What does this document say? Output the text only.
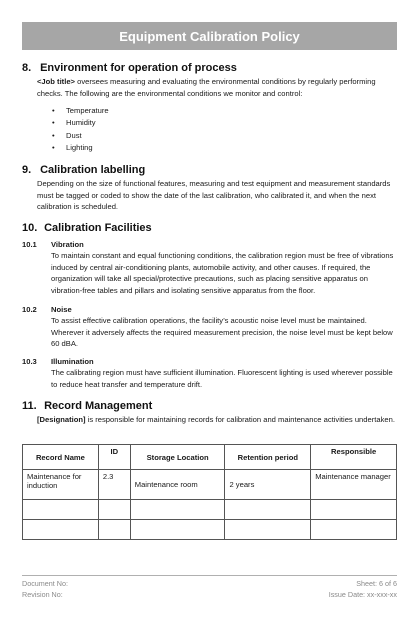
Equipment Calibration Policy
8. Environment for operation of process
<Job title> oversees measuring and evaluating the environmental conditions by regularly performing checks. The following are the environmental conditions we monitor and control:
• Temperature
• Humidity
• Dust
• Lighting
9. Calibration labelling
Depending on the size of functional features, measuring and test equipment and measurement standards must be tagged or coded to show the date of the last calibration, who calibrated it, and when the next calibration is scheduled.
10. Calibration Facilities
10.1 Vibration
To maintain constant and equal functioning conditions, the calibration region must be free of vibrations induced by central air-conditioning plants, automobile activity, and other causes. If required, the organization will take all special/protective precautions, such as placing sensitive apparatus on vibration-free tables and pillars and isolating sensitive apparatus from the floor.
10.2 Noise
To assist effective calibration operations, the facility’s acoustic noise level must be maintained. Wherever it adversely affects the required measurement precision, the noise level must be kept below 60 dBA.
10.3 Illumination
The calibrating region must have sufficient illumination. Fluorescent lighting is used wherever possible to reduce heat transfer and temperature drift.
11. Record Management
[Designation] is responsible for maintaining records for calibration and maintenance activities undertaken.
Record Name	ID	Storage Location	Retention period	Responsible
Maintenance for induction	2.3	Maintenance room	2 years	Maintenance manager

Document No:
Revision No:
Sheet: 6 of 6
Issue Date: xx-xxx-xx
